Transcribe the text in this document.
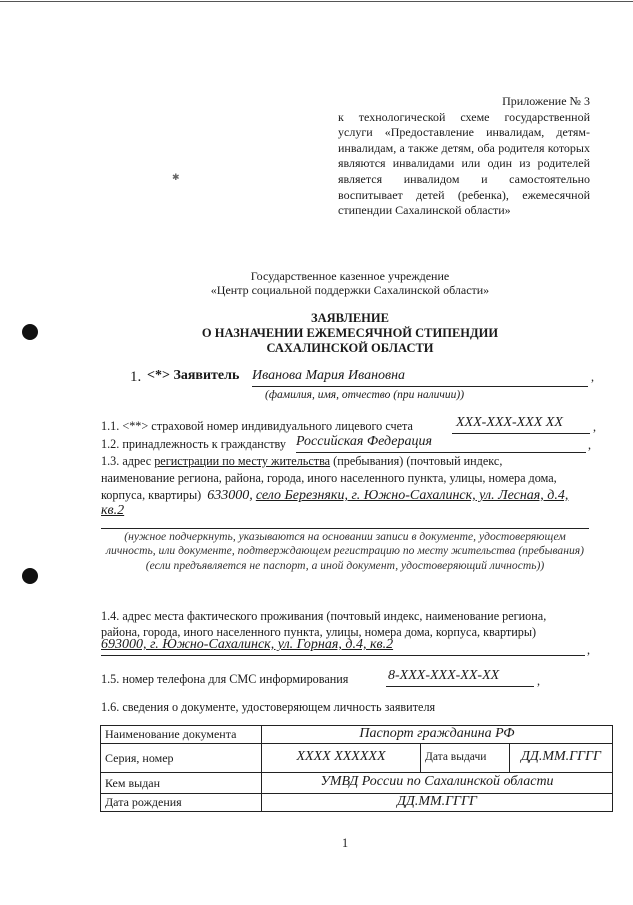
✱
Приложение № 3
к технологической схеме государственной услуги «Предоставление инвалидам, детям-инвалидам, а также детям, оба родителя которых являются инвалидами или один из родителей является инвалидом и самостоятельно воспитывает детей (ребенка), ежемесячной стипендии Сахалинской области»
Государственное казенное учреждение
«Центр социальной поддержки Сахалинской области»
ЗАЯВЛЕНИЕ
О НАЗНАЧЕНИИ ЕЖЕМЕСЯЧНОЙ СТИПЕНДИИ
САХАЛИНСКОЙ ОБЛАСТИ
1. <*> Заявитель Иванова Мария Ивановна	,
(фамилия, имя, отчество (при наличии))
1.1. <**> страховой номер индивидуального лицевого счета	XXX-XXX-XXX XX	,
1.2. принадлежность к гражданству Российская Федерация	,
1.3. адрес регистрации по месту жительства (пребывания) (почтовый индекс,
наименование региона, района, города, иного населенного пункта, улицы, номера дома,
корпуса, квартиры) 633000, село Березняки, г. Южно-Сахалинск, ул. Лесная, д.4,
кв.2
(нужное подчеркнуть, указываются на основании записи в документе, удостоверяющем личность, или документе, подтверждающем регистрацию по месту жительства (пребывания) (если предъявляется не паспорт, а иной документ, удостоверяющий личность))
1.4. адрес места фактического проживания (почтовый индекс, наименование региона,
района, города, иного населенного пункта, улицы, номера дома, корпуса, квартиры)
693000, г. Южно-Сахалинск, ул. Горная, д.4, кв.2	,
1.5. номер телефона для СМС информирования	8-XXX-XXX-XX-XX	,
1.6. сведения о документе, удостоверяющем личность заявителя
Наименование документа	Паспорт гражданина РФ		
Серия, номер	XXXX XXXXXX	Дата выдачи	ДД.ММ.ГГГГ
Кем выдан	УМВД России по Сахалинской области		
Дата рождения	ДД.ММ.ГГГГ		
1
